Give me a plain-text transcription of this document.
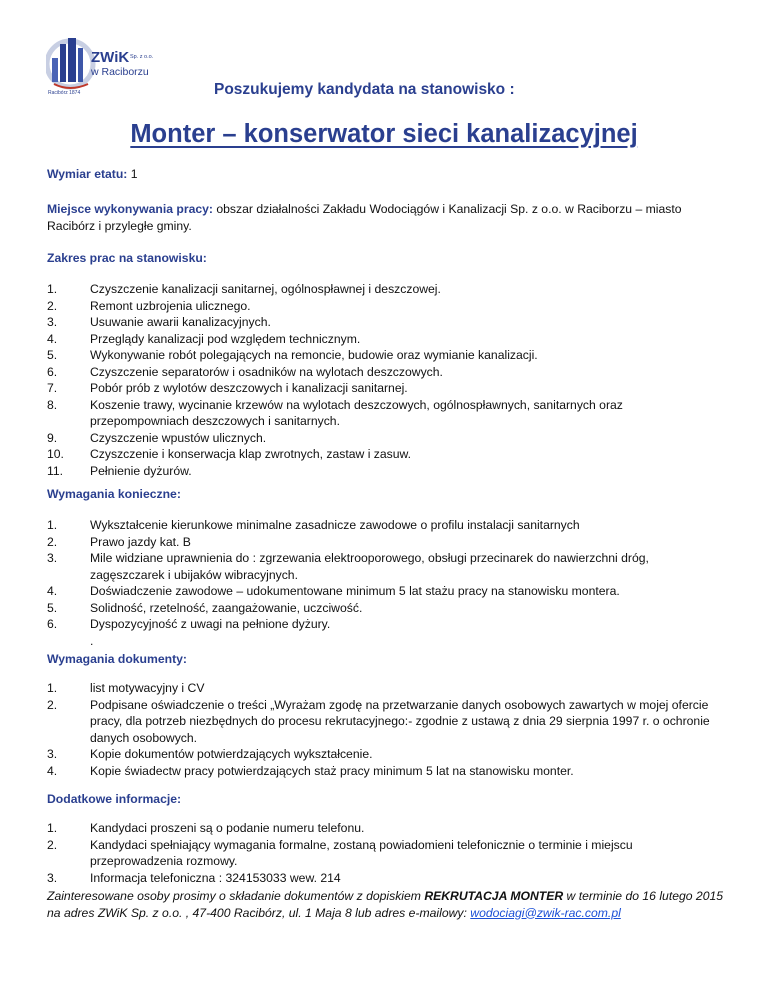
ZWiK Sp. z o.o.
w Raciborzu
Racibórz 1874	Poszukujemy kandydata na stanowisko :
Monter – konserwator sieci kanalizacyjnej
Wymiar etatu: 1
Miejsce wykonywania pracy: obszar działalności Zakładu Wodociągów i Kanalizacji Sp. z o.o. w Raciborzu – miasto Racibórz i przyległe gminy.
Zakres prac na stanowisku:
1.	Czyszczenie kanalizacji sanitarnej, ogólnospławnej i deszczowej.
2.	Remont uzbrojenia ulicznego.
3.	Usuwanie awarii kanalizacyjnych.
4.	Przeglądy kanalizacji pod względem technicznym.
5.	Wykonywanie robót polegających na remoncie, budowie oraz wymianie kanalizacji.
6.	Czyszczenie separatorów i osadników na wylotach deszczowych.
7.	Pobór prób z wylotów deszczowych i kanalizacji sanitarnej.
8.	Koszenie trawy, wycinanie krzewów na wylotach deszczowych, ogólnospławnych, sanitarnych oraz przepompowniach deszczowych i sanitarnych.
9.	Czyszczenie wpustów ulicznych.
10.	Czyszczenie i konserwacja klap zwrotnych, zastaw i zasuw.
11.	Pełnienie dyżurów.
Wymagania konieczne:
1.	Wykształcenie kierunkowe minimalne zasadnicze zawodowe o profilu instalacji sanitarnych
2.	Prawo jazdy kat. B
3.	Mile widziane uprawnienia do : zgrzewania elektrooporowego, obsługi przecinarek do nawierzchni dróg, zagęszczarek i ubijaków wibracyjnych.
4.	Doświadczenie zawodowe – udokumentowane minimum 5 lat stażu pracy na stanowisku montera.
5.	Solidność, rzetelność, zaangażowanie, uczciwość.
6.	Dyspozycyjność z uwagi na pełnione dyżury.
.
Wymagania dokumenty:
1.	list motywacyjny i CV
2.	Podpisane oświadczenie o treści „Wyrażam zgodę na przetwarzanie danych osobowych zawartych w mojej ofercie pracy, dla potrzeb niezbędnych do procesu rekrutacyjnego:- zgodnie z ustawą z dnia 29 sierpnia 1997 r. o ochronie danych osobowych.
3.	Kopie dokumentów potwierdzających wykształcenie.
4.	Kopie świadectw pracy potwierdzających staż pracy minimum 5 lat na stanowisku monter.
Dodatkowe informacje:
1.	Kandydaci proszeni są o podanie numeru telefonu.
2.	Kandydaci spełniający wymagania formalne, zostaną powiadomieni telefonicznie o terminie i miejscu przeprowadzenia rozmowy.
3.	Informacja telefoniczna : 324153033 wew. 214
Zainteresowane osoby prosimy o składanie dokumentów z dopiskiem REKRUTACJA MONTER w terminie do 16 lutego 2015 na adres ZWiK Sp. z o.o. , 47-400 Racibórz, ul. 1 Maja 8 lub adres e-mailowy: wodociagi@zwik-rac.com.pl
